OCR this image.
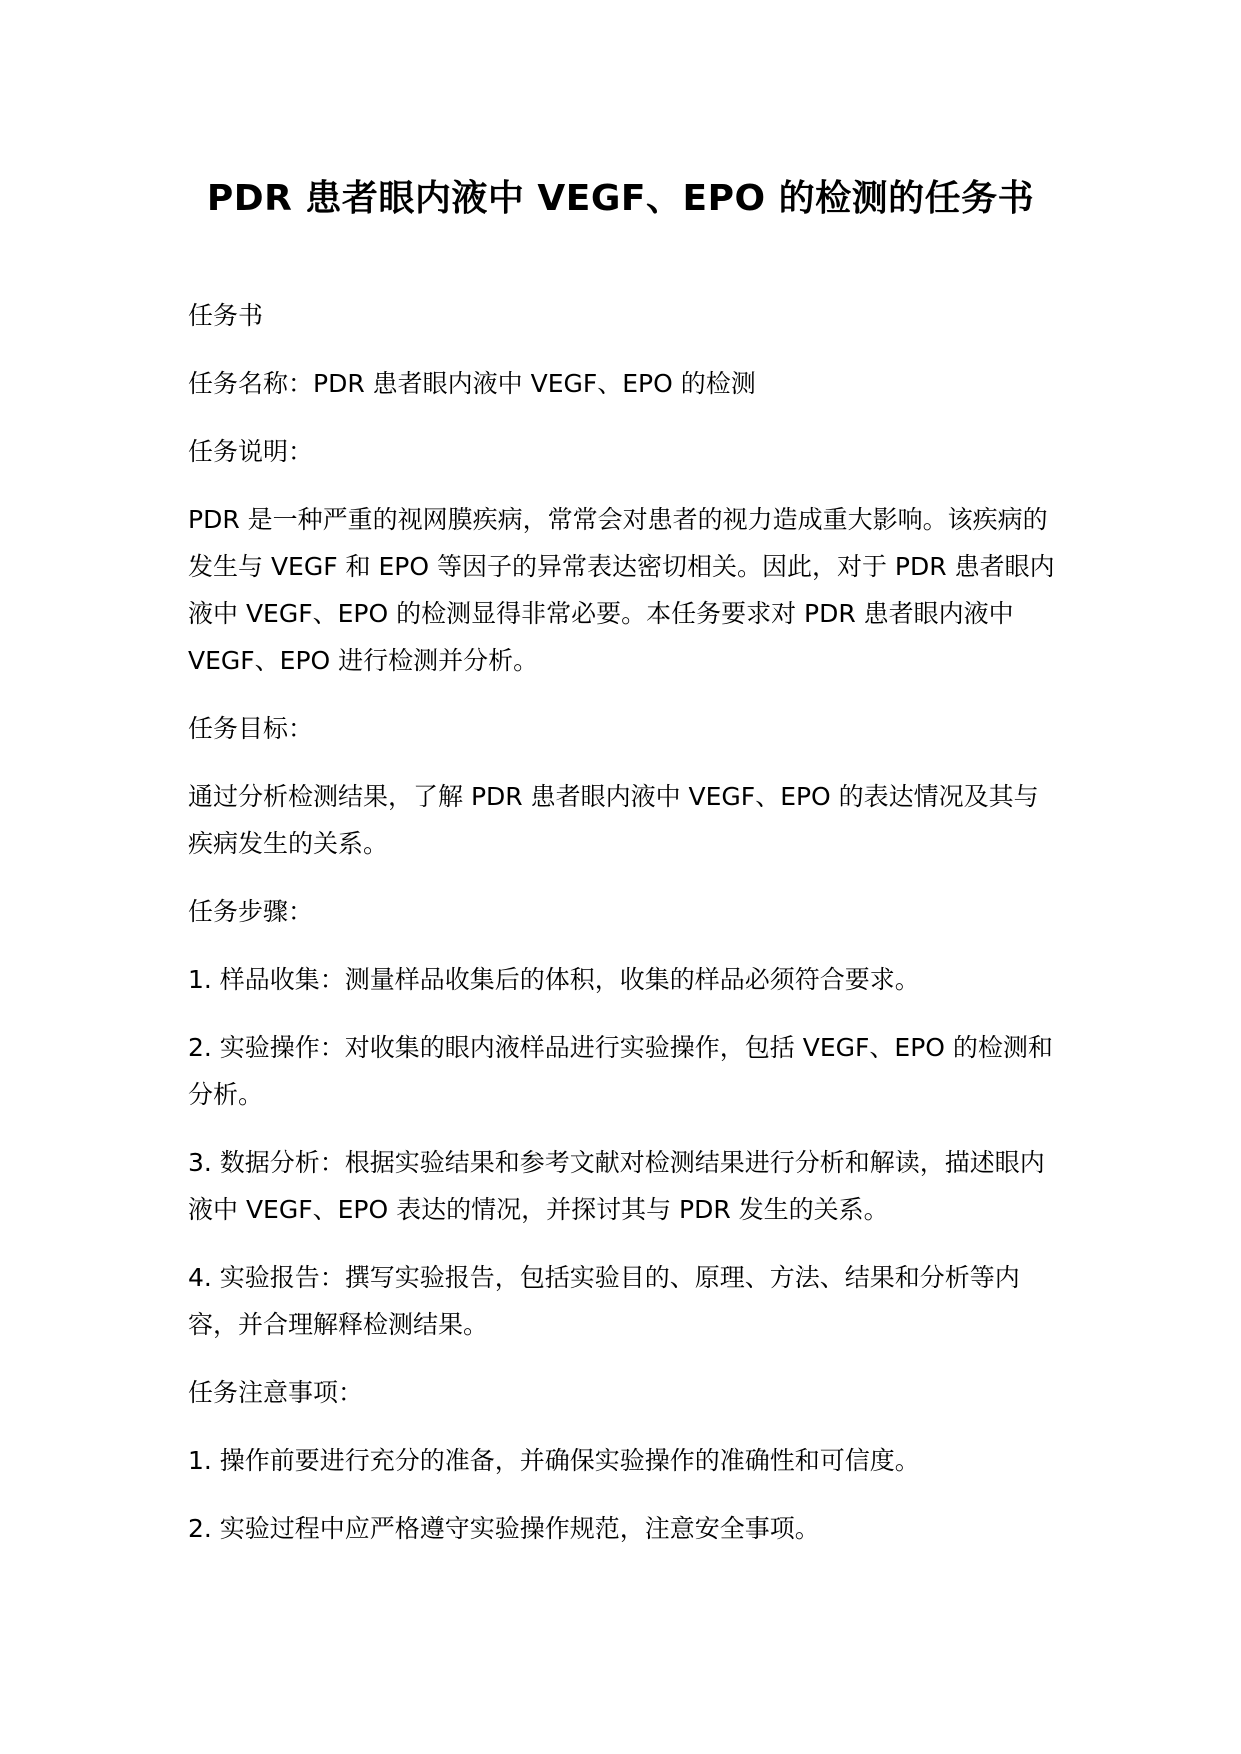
PDR 患者眼内液中 VEGF、EPO 的检测的任务书

任务书

任务名称：PDR 患者眼内液中 VEGF、EPO 的检测

任务说明：

PDR 是一种严重的视网膜疾病，常常会对患者的视力造成重大影响。该疾病的发生与 VEGF 和 EPO 等因子的异常表达密切相关。因此，对于 PDR 患者眼内液中 VEGF、EPO 的检测显得非常必要。本任务要求对 PDR 患者眼内液中 VEGF、EPO 进行检测并分析。

任务目标：

通过分析检测结果，了解 PDR 患者眼内液中 VEGF、EPO 的表达情况及其与疾病发生的关系。

任务步骤：

1. 样品收集：测量样品收集后的体积，收集的样品必须符合要求。

2. 实验操作：对收集的眼内液样品进行实验操作，包括 VEGF、EPO 的检测和分析。

3. 数据分析：根据实验结果和参考文献对检测结果进行分析和解读，描述眼内液中 VEGF、EPO 表达的情况，并探讨其与 PDR 发生的关系。

4. 实验报告：撰写实验报告，包括实验目的、原理、方法、结果和分析等内容，并合理解释检测结果。

任务注意事项：

1. 操作前要进行充分的准备，并确保实验操作的准确性和可信度。

2. 实验过程中应严格遵守实验操作规范，注意安全事项。
